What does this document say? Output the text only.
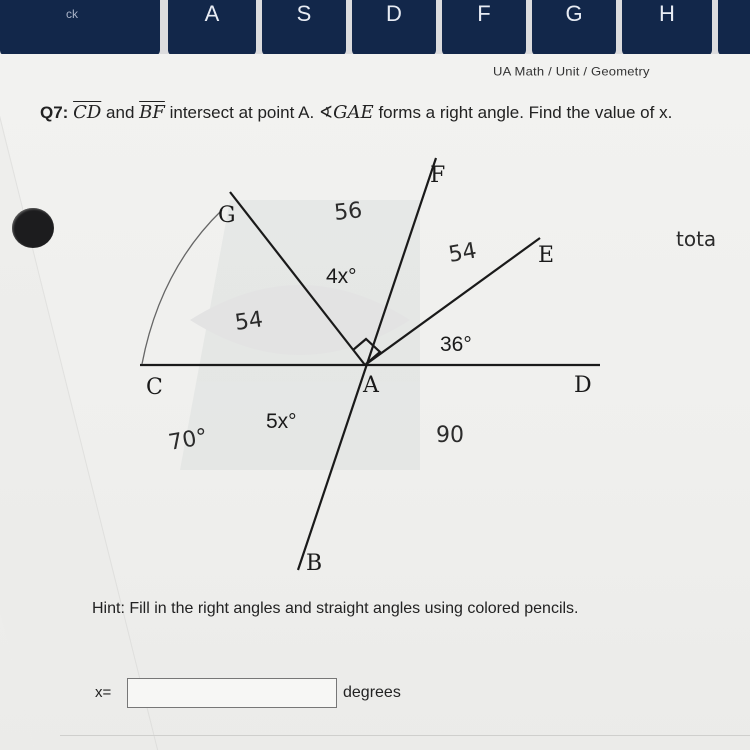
ck	A	S	D	F	G	H
UA Math / Unit / Geometry
Q7: $\overline{CD}$ and $\overline{BF}$ intersect at point A. ∢GAE forms a right angle. Find the value of x.
G
F
E
C	A	D
B
4x°
36°
5x°
56
54
54
70°	90
tota
Hint: Fill in the right angles and straight angles using colored pencils.
x=	degrees
